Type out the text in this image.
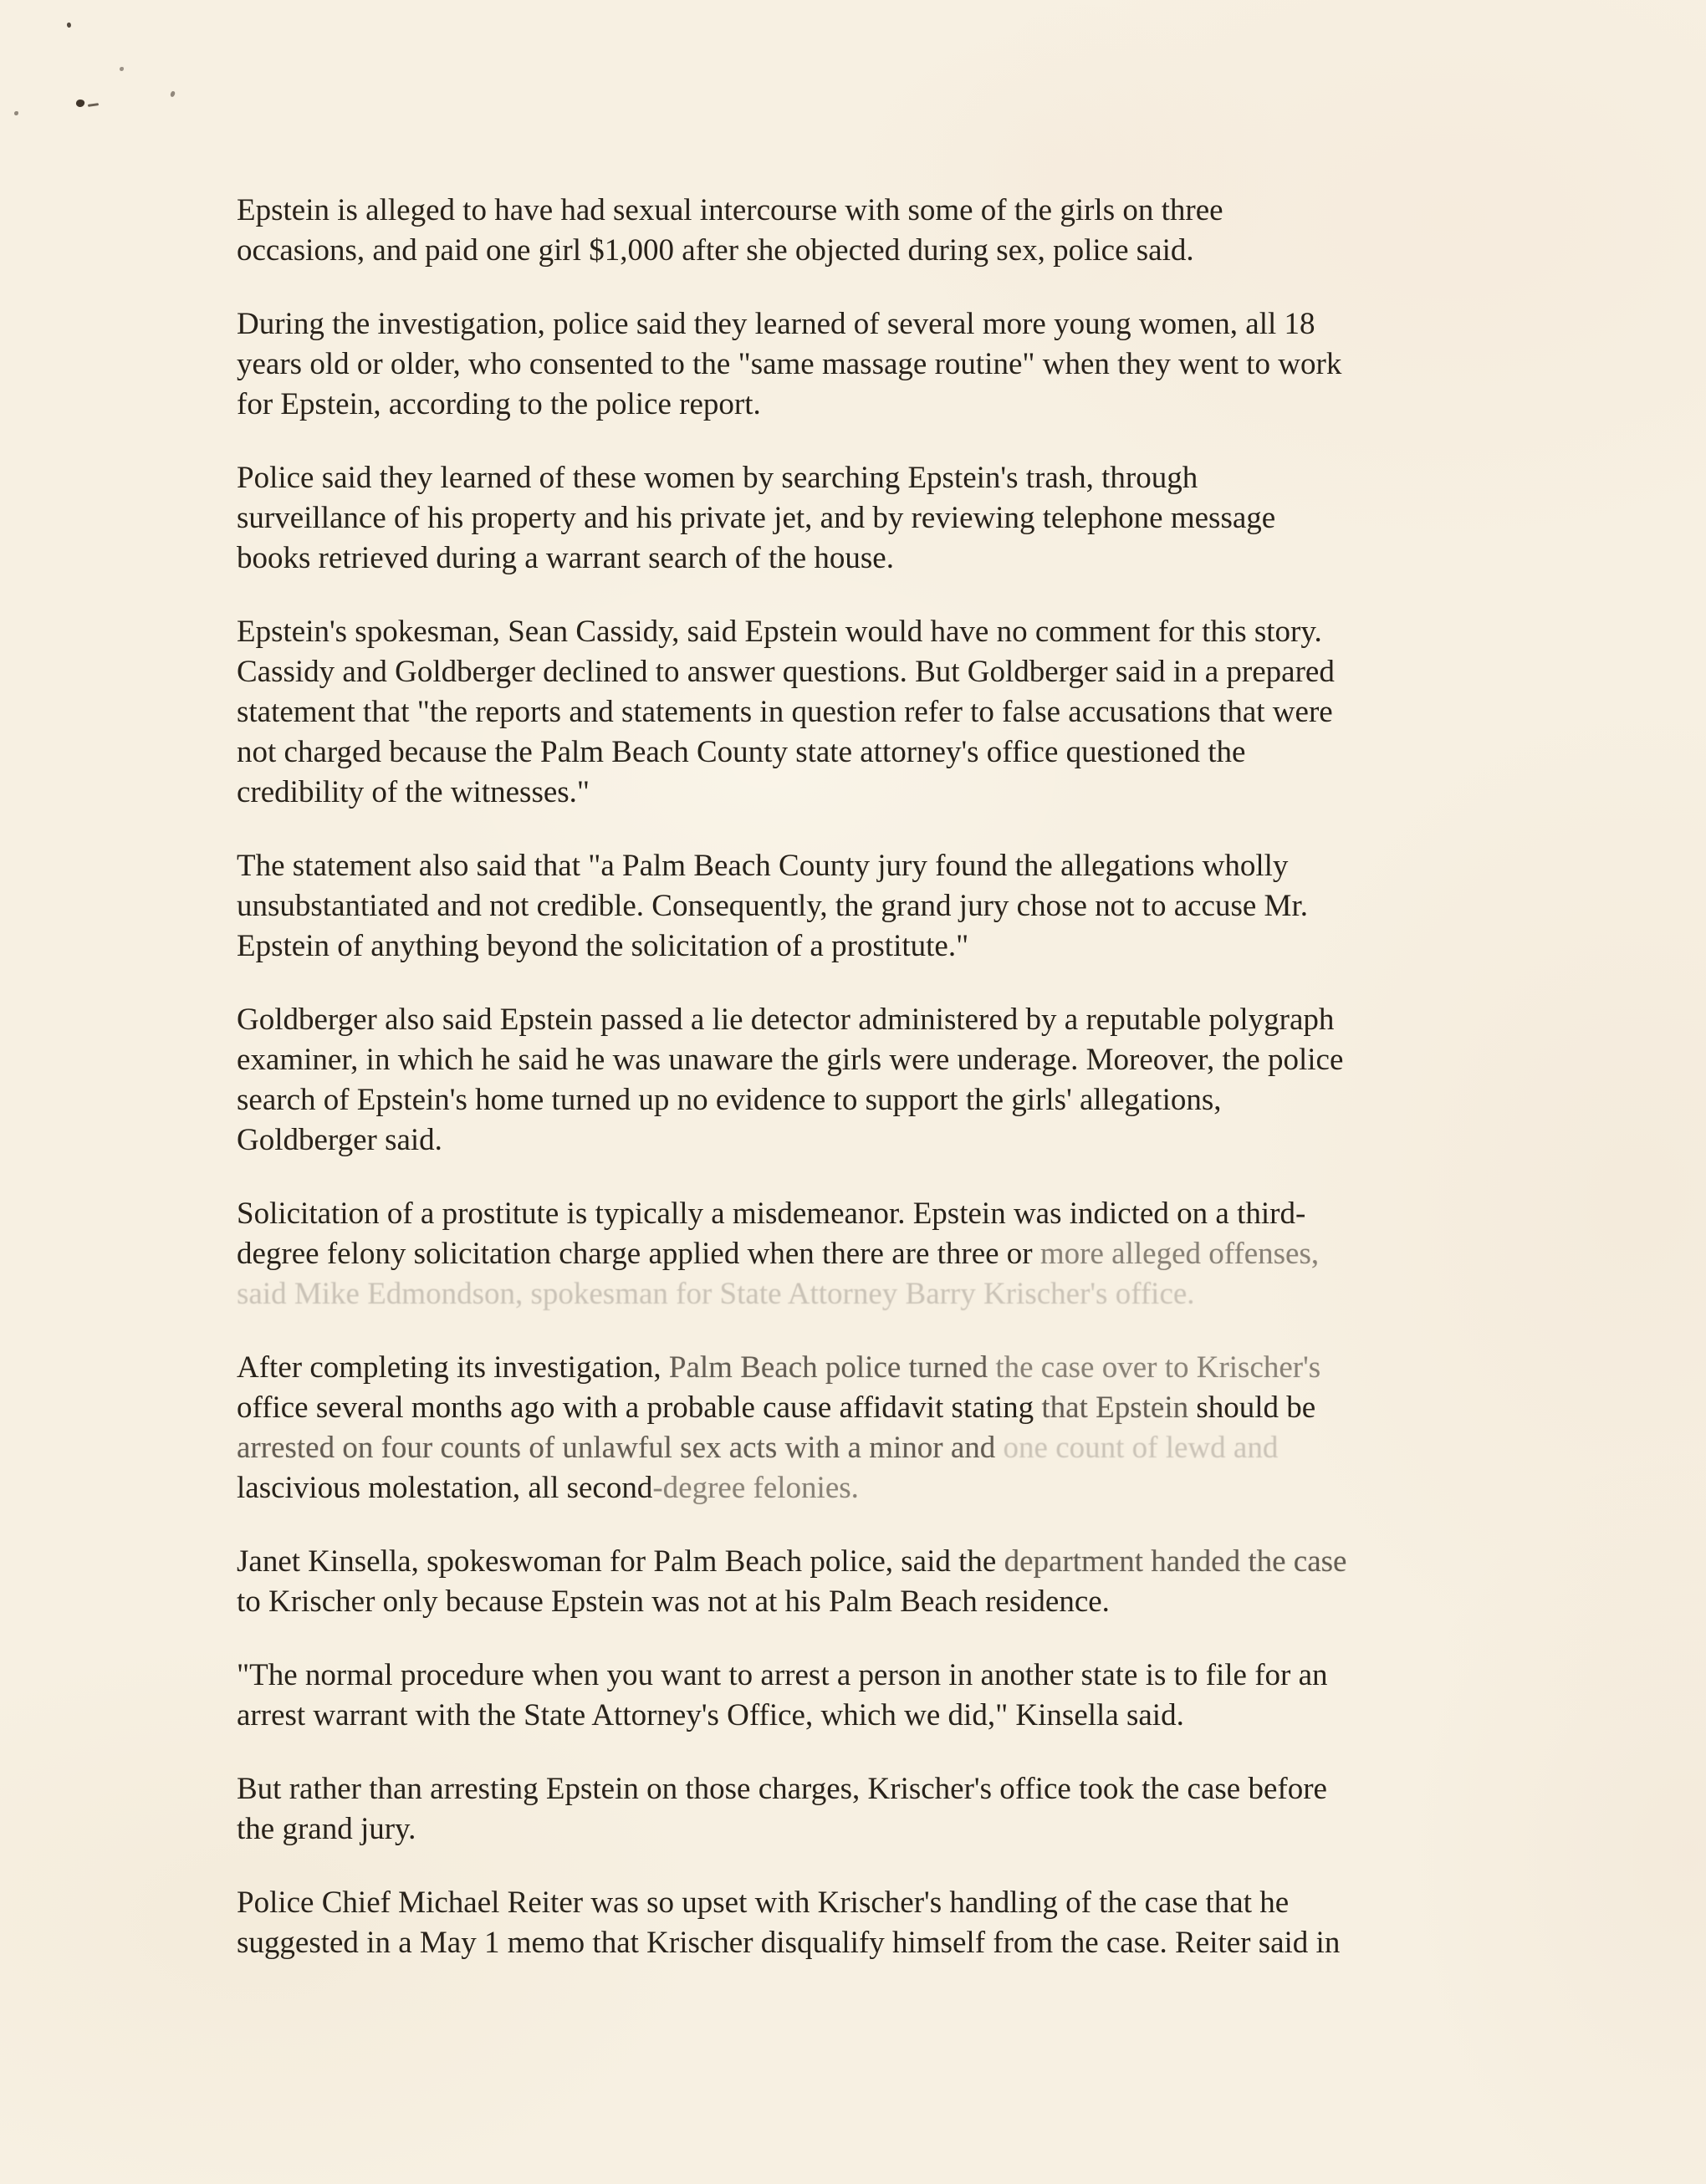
Epstein is alleged to have had sexual intercourse with some of the girls on three
occasions, and paid one girl $1,000 after she objected during sex, police said.

During the investigation, police said they learned of several more young women, all 18
years old or older, who consented to the "same massage routine" when they went to work
for Epstein, according to the police report.

Police said they learned of these women by searching Epstein's trash, through
surveillance of his property and his private jet, and by reviewing telephone message
books retrieved during a warrant search of the house.

Epstein's spokesman, Sean Cassidy, said Epstein would have no comment for this story.
Cassidy and Goldberger declined to answer questions. But Goldberger said in a prepared
statement that "the reports and statements in question refer to false accusations that were
not charged because the Palm Beach County state attorney's office questioned the
credibility of the witnesses."

The statement also said that "a Palm Beach County jury found the allegations wholly
unsubstantiated and not credible. Consequently, the grand jury chose not to accuse Mr.
Epstein of anything beyond the solicitation of a prostitute."

Goldberger also said Epstein passed a lie detector administered by a reputable polygraph
examiner, in which he said he was unaware the girls were underage. Moreover, the police
search of Epstein's home turned up no evidence to support the girls' allegations,
Goldberger said.

Solicitation of a prostitute is typically a misdemeanor. Epstein was indicted on a third-
degree felony solicitation charge applied when there are three or more alleged offenses,
said Mike Edmondson, spokesman for State Attorney Barry Krischer's office.

After completing its investigation, Palm Beach police turned the case over to Krischer's
office several months ago with a probable cause affidavit stating that Epstein should be
arrested on four counts of unlawful sex acts with a minor and one count of lewd and
lascivious molestation, all second-degree felonies.

Janet Kinsella, spokeswoman for Palm Beach police, said the department handed the case
to Krischer only because Epstein was not at his Palm Beach residence.

"The normal procedure when you want to arrest a person in another state is to file for an
arrest warrant with the State Attorney's Office, which we did," Kinsella said.

But rather than arresting Epstein on those charges, Krischer's office took the case before
the grand jury.

Police Chief Michael Reiter was so upset with Krischer's handling of the case that he
suggested in a May 1 memo that Krischer disqualify himself from the case. Reiter said in
